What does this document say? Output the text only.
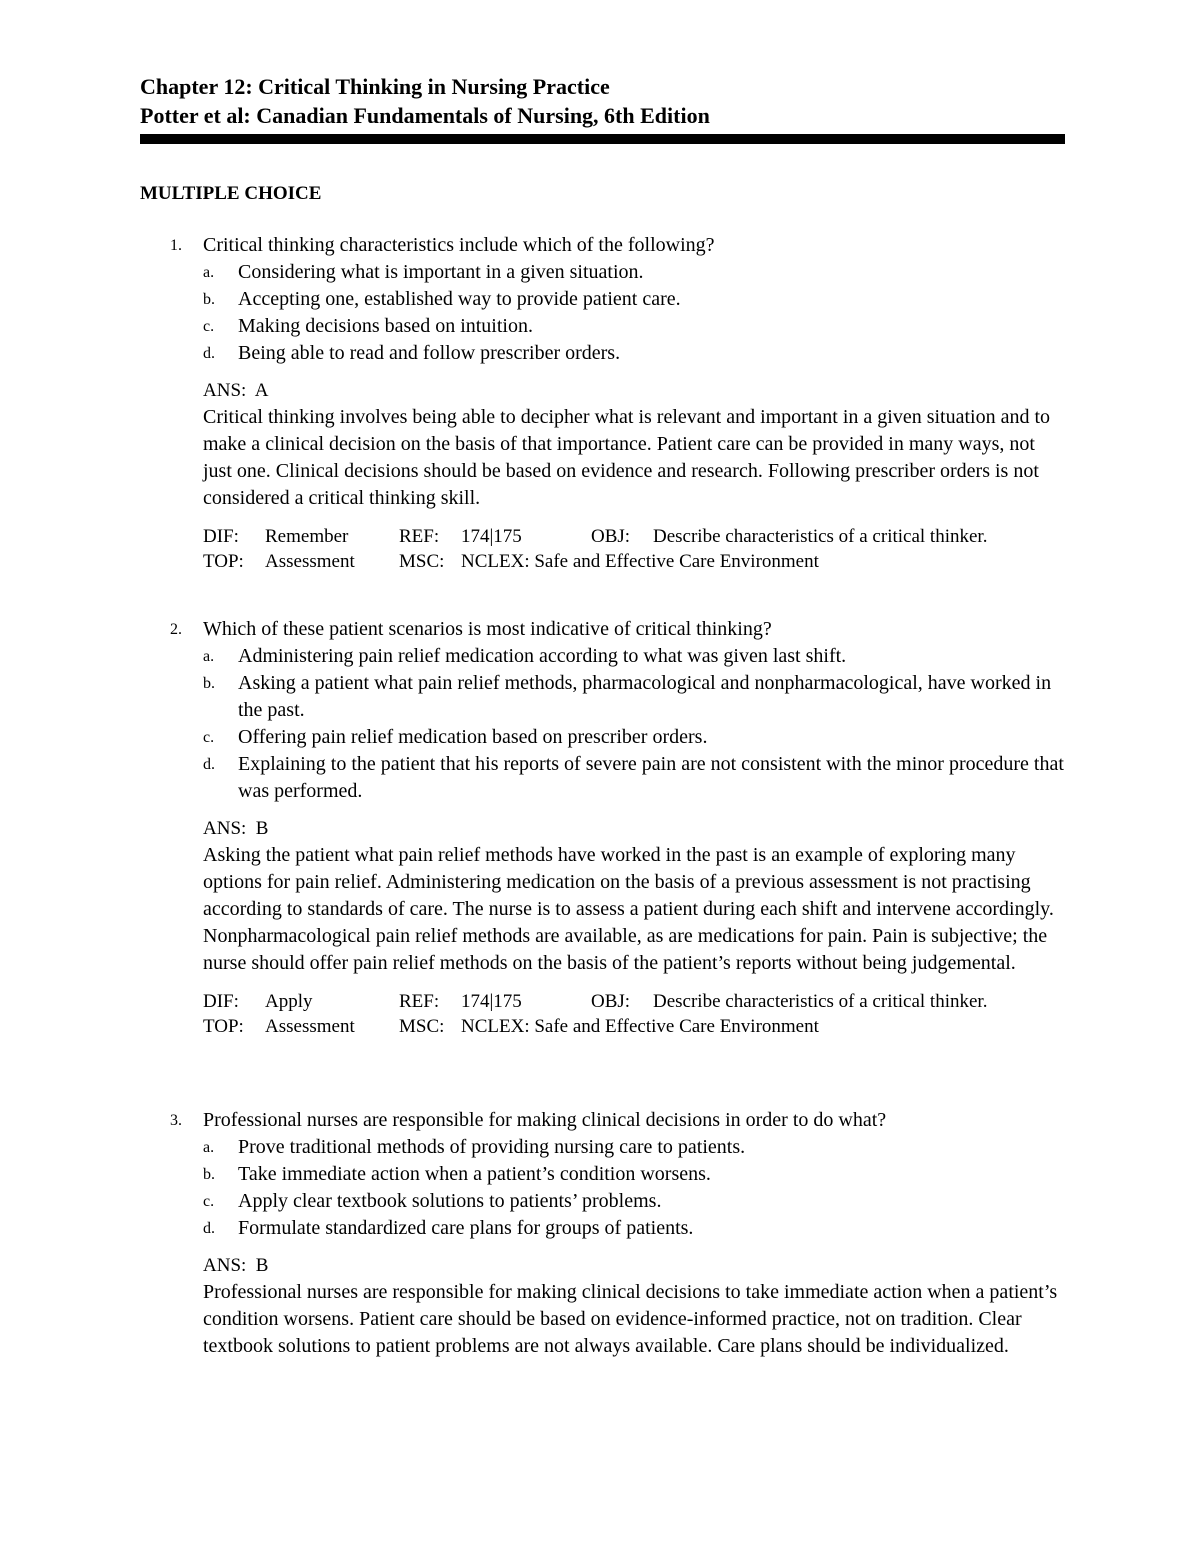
Chapter 12: Critical Thinking in Nursing Practice
Potter et al: Canadian Fundamentals of Nursing, 6th Edition
MULTIPLE CHOICE
1. Critical thinking characteristics include which of the following?
a. Considering what is important in a given situation.
b. Accepting one, established way to provide patient care.
c. Making decisions based on intuition.
d. Being able to read and follow prescriber orders.
ANS: A
Critical thinking involves being able to decipher what is relevant and important in a given situation and to make a clinical decision on the basis of that importance. Patient care can be provided in many ways, not just one. Clinical decisions should be based on evidence and research. Following prescriber orders is not considered a critical thinking skill.
DIF:	Remember	REF:	174|175	OBJ:	Describe characteristics of a critical thinker.
TOP:	Assessment	MSC:	NCLEX: Safe and Effective Care Environment		
2. Which of these patient scenarios is most indicative of critical thinking?
a. Administering pain relief medication according to what was given last shift.
b. Asking a patient what pain relief methods, pharmacological and nonpharmacological, have worked in the past.
c. Offering pain relief medication based on prescriber orders.
d. Explaining to the patient that his reports of severe pain are not consistent with the minor procedure that was performed.
ANS: B
Asking the patient what pain relief methods have worked in the past is an example of exploring many options for pain relief. Administering medication on the basis of a previous assessment is not practising according to standards of care. The nurse is to assess a patient during each shift and intervene accordingly. Nonpharmacological pain relief methods are available, as are medications for pain. Pain is subjective; the nurse should offer pain relief methods on the basis of the patient’s reports without being judgemental.
DIF:	Apply	REF:	174|175	OBJ:	Describe characteristics of a critical thinker.
TOP:	Assessment	MSC:	NCLEX: Safe and Effective Care Environment		
3. Professional nurses are responsible for making clinical decisions in order to do what?
a. Prove traditional methods of providing nursing care to patients.
b. Take immediate action when a patient’s condition worsens.
c. Apply clear textbook solutions to patients’ problems.
d. Formulate standardized care plans for groups of patients.
ANS: B
Professional nurses are responsible for making clinical decisions to take immediate action when a patient’s condition worsens. Patient care should be based on evidence-informed practice, not on tradition. Clear textbook solutions to patient problems are not always available. Care plans should be individualized.
